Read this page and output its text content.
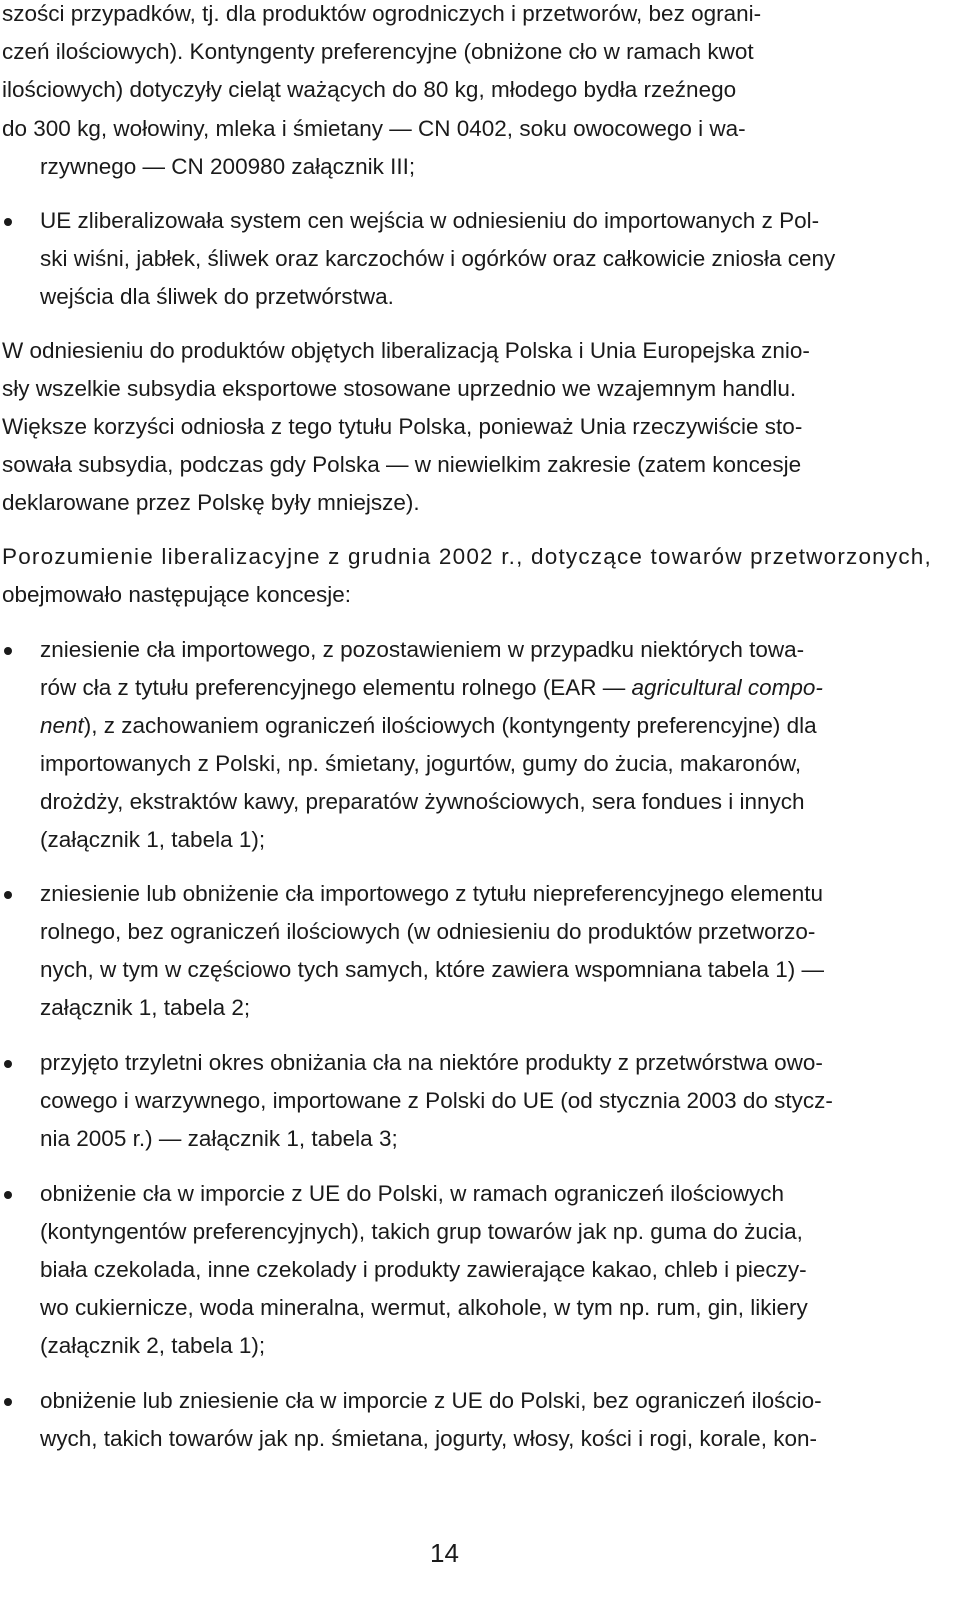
szości przypadków, tj. dla produktów ogrodniczych i przetworów, bez ograni-
czeń ilościowych). Kontyngenty preferencyjne (obniżone cło w ramach kwot
ilościowych) dotyczyły cieląt ważących do 80 kg, młodego bydła rzeźnego
do 300 kg, wołowiny, mleka i śmietany — CN 0402, soku owocowego i wa-
rzywnego — CN 200980 załącznik III;
UE zliberalizowała system cen wejścia w odniesieniu do importowanych z Pol-
ski wiśni, jabłek, śliwek oraz karczochów i ogórków oraz całkowicie zniosła ceny
wejścia dla śliwek do przetwórstwa.
W odniesieniu do produktów objętych liberalizacją Polska i Unia Europejska znio-
sły wszelkie subsydia eksportowe stosowane uprzednio we wzajemnym handlu.
Większe korzyści odniosła z tego tytułu Polska, ponieważ Unia rzeczywiście sto-
sowała subsydia, podczas gdy Polska — w niewielkim zakresie (zatem koncesje
deklarowane przez Polskę były mniejsze).
Porozumienie liberalizacyjne z grudnia 2002 r., dotyczące towarów przetworzonych,
obejmowało następujące koncesje:
zniesienie cła importowego, z pozostawieniem w przypadku niektórych towa-
rów cła z tytułu preferencyjnego elementu rolnego (EAR — agricultural compo-
nent), z zachowaniem ograniczeń ilościowych (kontyngenty preferencyjne) dla
importowanych z Polski, np. śmietany, jogurtów, gumy do żucia, makaronów,
drożdży, ekstraktów kawy, preparatów żywnościowych, sera fondues i innych
(załącznik 1, tabela 1);
zniesienie lub obniżenie cła importowego z tytułu niepreferencyjnego elementu
rolnego, bez ograniczeń ilościowych (w odniesieniu do produktów przetworzo-
nych, w tym w częściowo tych samych, które zawiera wspomniana tabela 1) —
załącznik 1, tabela 2;
przyjęto trzyletni okres obniżania cła na niektóre produkty z przetwórstwa owo-
cowego i warzywnego, importowane z Polski do UE (od stycznia 2003 do stycz-
nia 2005 r.) — załącznik 1, tabela 3;
obniżenie cła w imporcie z UE do Polski, w ramach ograniczeń ilościowych
(kontyngentów preferencyjnych), takich grup towarów jak np. guma do żucia,
biała czekolada, inne czekolady i produkty zawierające kakao, chleb i pieczy-
wo cukiernicze, woda mineralna, wermut, alkohole, w tym np. rum, gin, likiery
(załącznik 2, tabela 1);
obniżenie lub zniesienie cła w imporcie z UE do Polski, bez ograniczeń ilościo-
wych, takich towarów jak np. śmietana, jogurty, włosy, kości i rogi, korale, kon-
14
